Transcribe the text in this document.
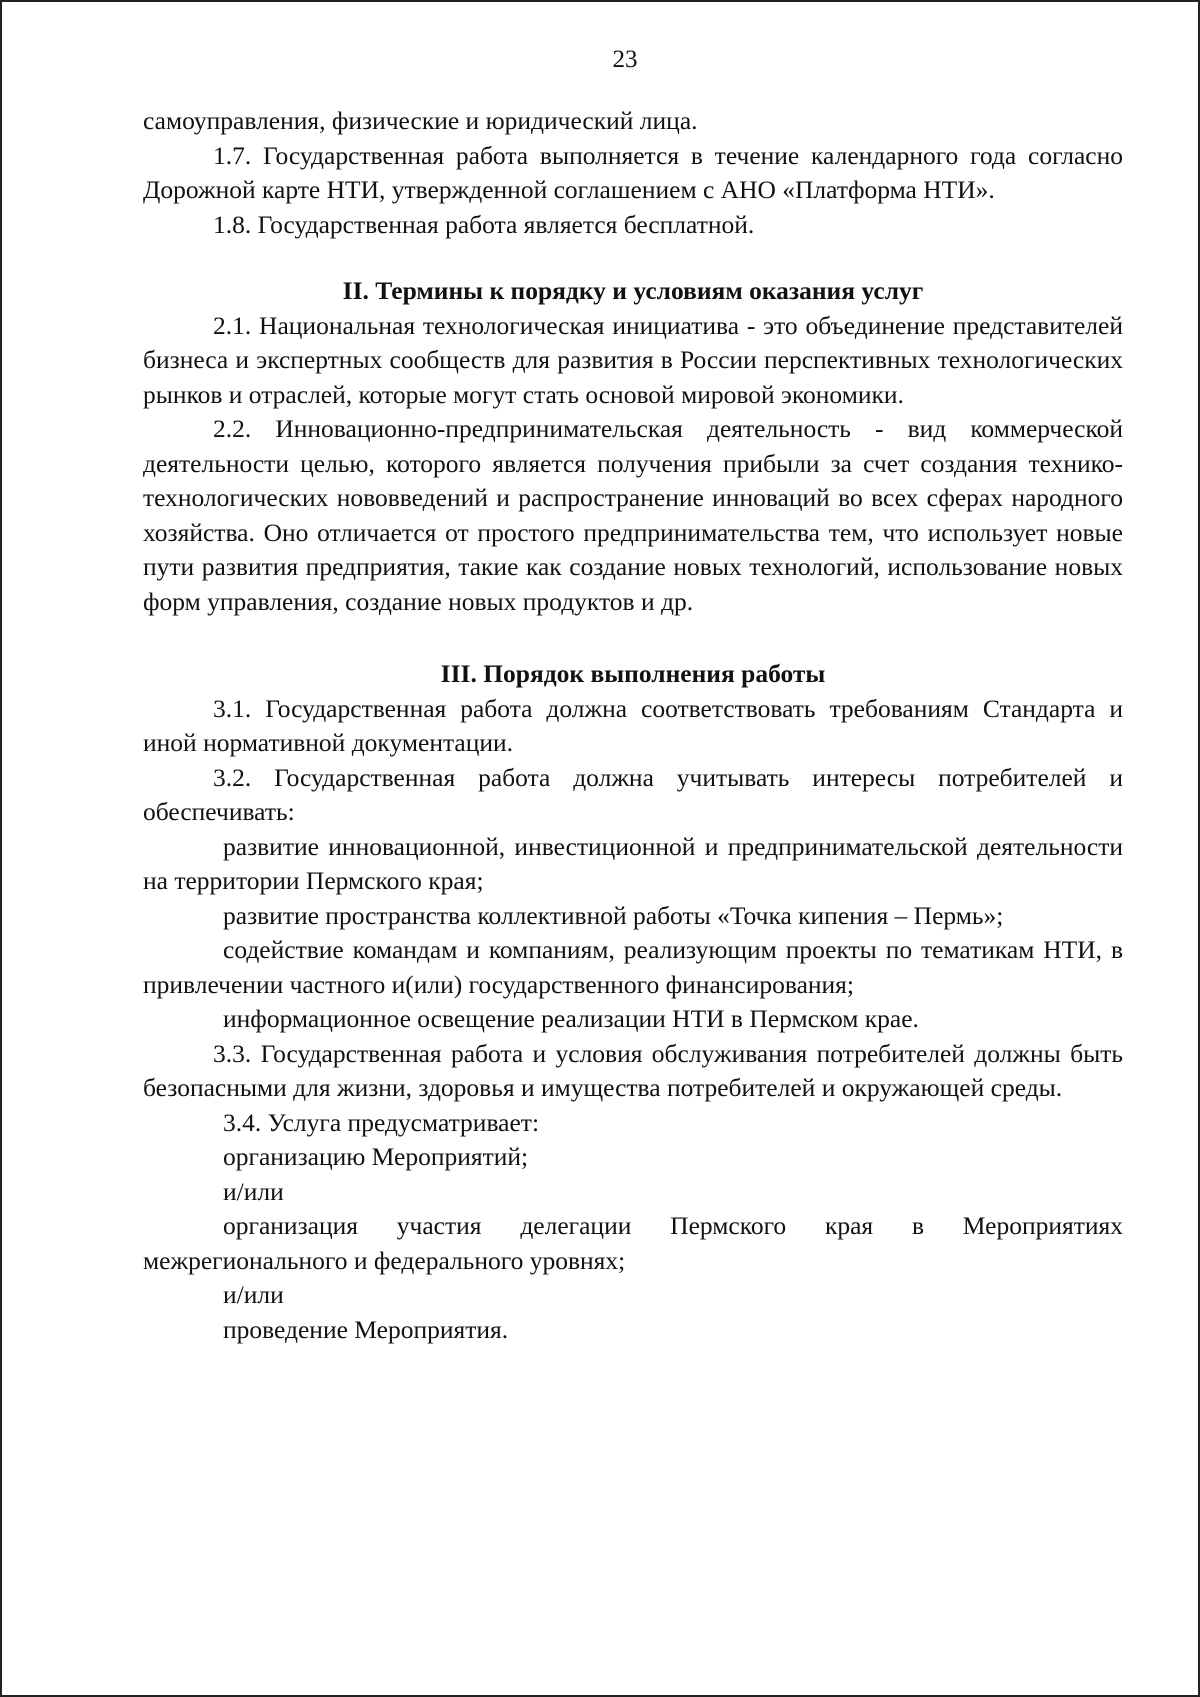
23

самоуправления, физические и юридический лица.

1.7. Государственная работа выполняется в течение календарного года согласно Дорожной карте НТИ, утвержденной соглашением с АНО «Платформа НТИ».

1.8. Государственная работа является бесплатной.

II. Термины к порядку и условиям оказания услуг

2.1. Национальная технологическая инициатива - это объединение представителей бизнеса и экспертных сообществ для развития в России перспективных технологических рынков и отраслей, которые могут стать основой мировой экономики.

2.2. Инновационно-предпринимательская деятельность - вид коммерческой деятельности целью, которого является получения прибыли за счет создания технико-технологических нововведений и распространение инноваций во всех сферах народного хозяйства. Оно отличается от простого предпринимательства тем, что использует новые пути развития предприятия, такие как создание новых технологий, использование новых форм управления, создание новых продуктов и др.

III. Порядок выполнения работы

3.1. Государственная работа должна соответствовать требованиям Стандарта и иной нормативной документации.

3.2. Государственная работа должна учитывать интересы потребителей и обеспечивать:

развитие инновационной, инвестиционной и предпринимательской деятельности на территории Пермского края;

развитие пространства коллективной работы «Точка кипения – Пермь»;

содействие командам и компаниям, реализующим проекты по тематикам НТИ, в привлечении частного и(или) государственного финансирования;

информационное освещение реализации НТИ в Пермском крае.

3.3. Государственная работа и условия обслуживания потребителей должны быть безопасными для жизни, здоровья и имущества потребителей и окружающей среды.

3.4. Услуга предусматривает:

организацию Мероприятий;

и/или

организация участия делегации Пермского края в Мероприятиях межрегионального и федерального уровнях;

и/или

проведение Мероприятия.
